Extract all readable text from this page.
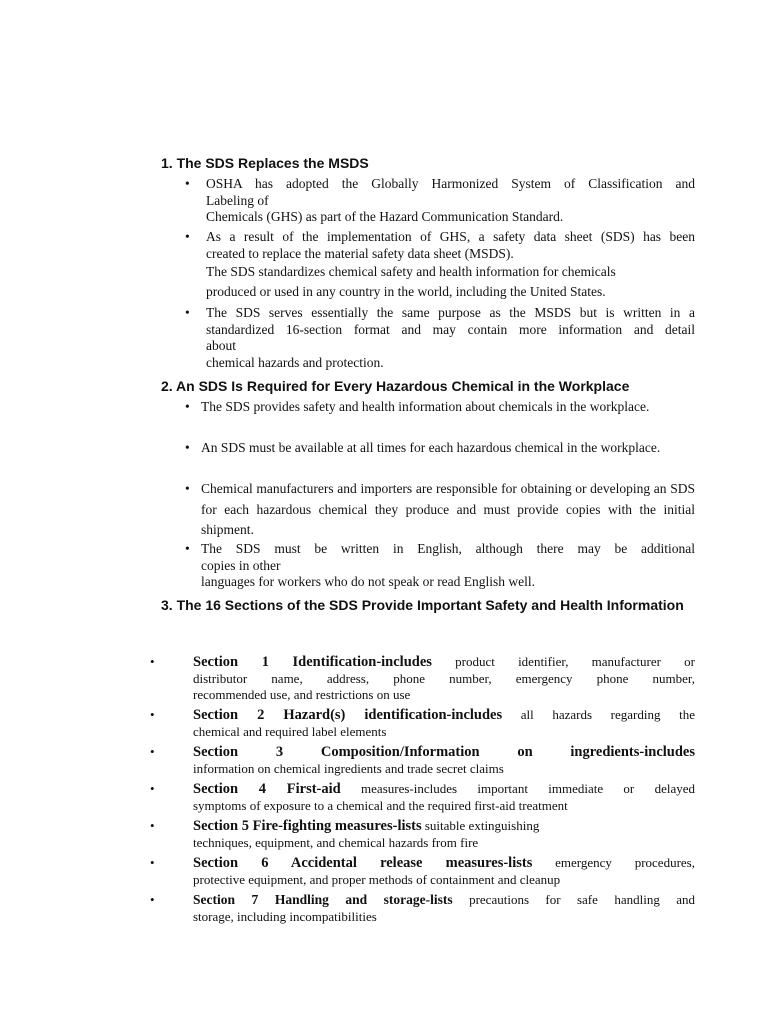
1. The SDS Replaces the MSDS
• OSHA has adopted the Globally Harmonized System of Classification and
Labeling of
Chemicals (GHS) as part of the Hazard Communication Standard.
• As a result of the implementation of GHS, a safety data sheet (SDS) has been
created to replace the material safety data sheet (MSDS).
The SDS standardizes chemical safety and health information for chemicals
produced or used in any country in the world, including the United States.
• The SDS serves essentially the same purpose as the MSDS but is written in a
standardized 16-section format and may contain more information and detail
about
chemical hazards and protection.
2. An SDS Is Required for Every Hazardous Chemical in the Workplace
• The SDS provides safety and health information about chemicals in the workplace.
• An SDS must be available at all times for each hazardous chemical in the workplace.
• Chemical manufacturers and importers are responsible for obtaining or developing an SDS for each hazardous chemical they produce and must provide copies with the initial shipment.
• The SDS must be written in English, although there may be additional
copies in other
languages for workers who do not speak or read English well.
3. The 16 Sections of the SDS Provide Important Safety and Health Information
•	Section 1 Identification-includes product identifier, manufacturer or
distributor name, address, phone number, emergency phone number,
recommended use, and restrictions on use
•	Section 2 Hazard(s) identification-includes all hazards regarding the
chemical and required label elements
•	Section 3 Composition/Information on ingredients-includes
information on chemical ingredients and trade secret claims
•	Section 4 First-aid measures-includes important immediate or delayed
symptoms of exposure to a chemical and the required first-aid treatment
•	Section 5 Fire-fighting measures-lists suitable extinguishing
techniques, equipment, and chemical hazards from fire
•	Section 6 Accidental release measures-lists emergency procedures,
protective equipment, and proper methods of containment and cleanup
•	Section 7 Handling and storage-lists precautions for safe handling and
storage, including incompatibilities
